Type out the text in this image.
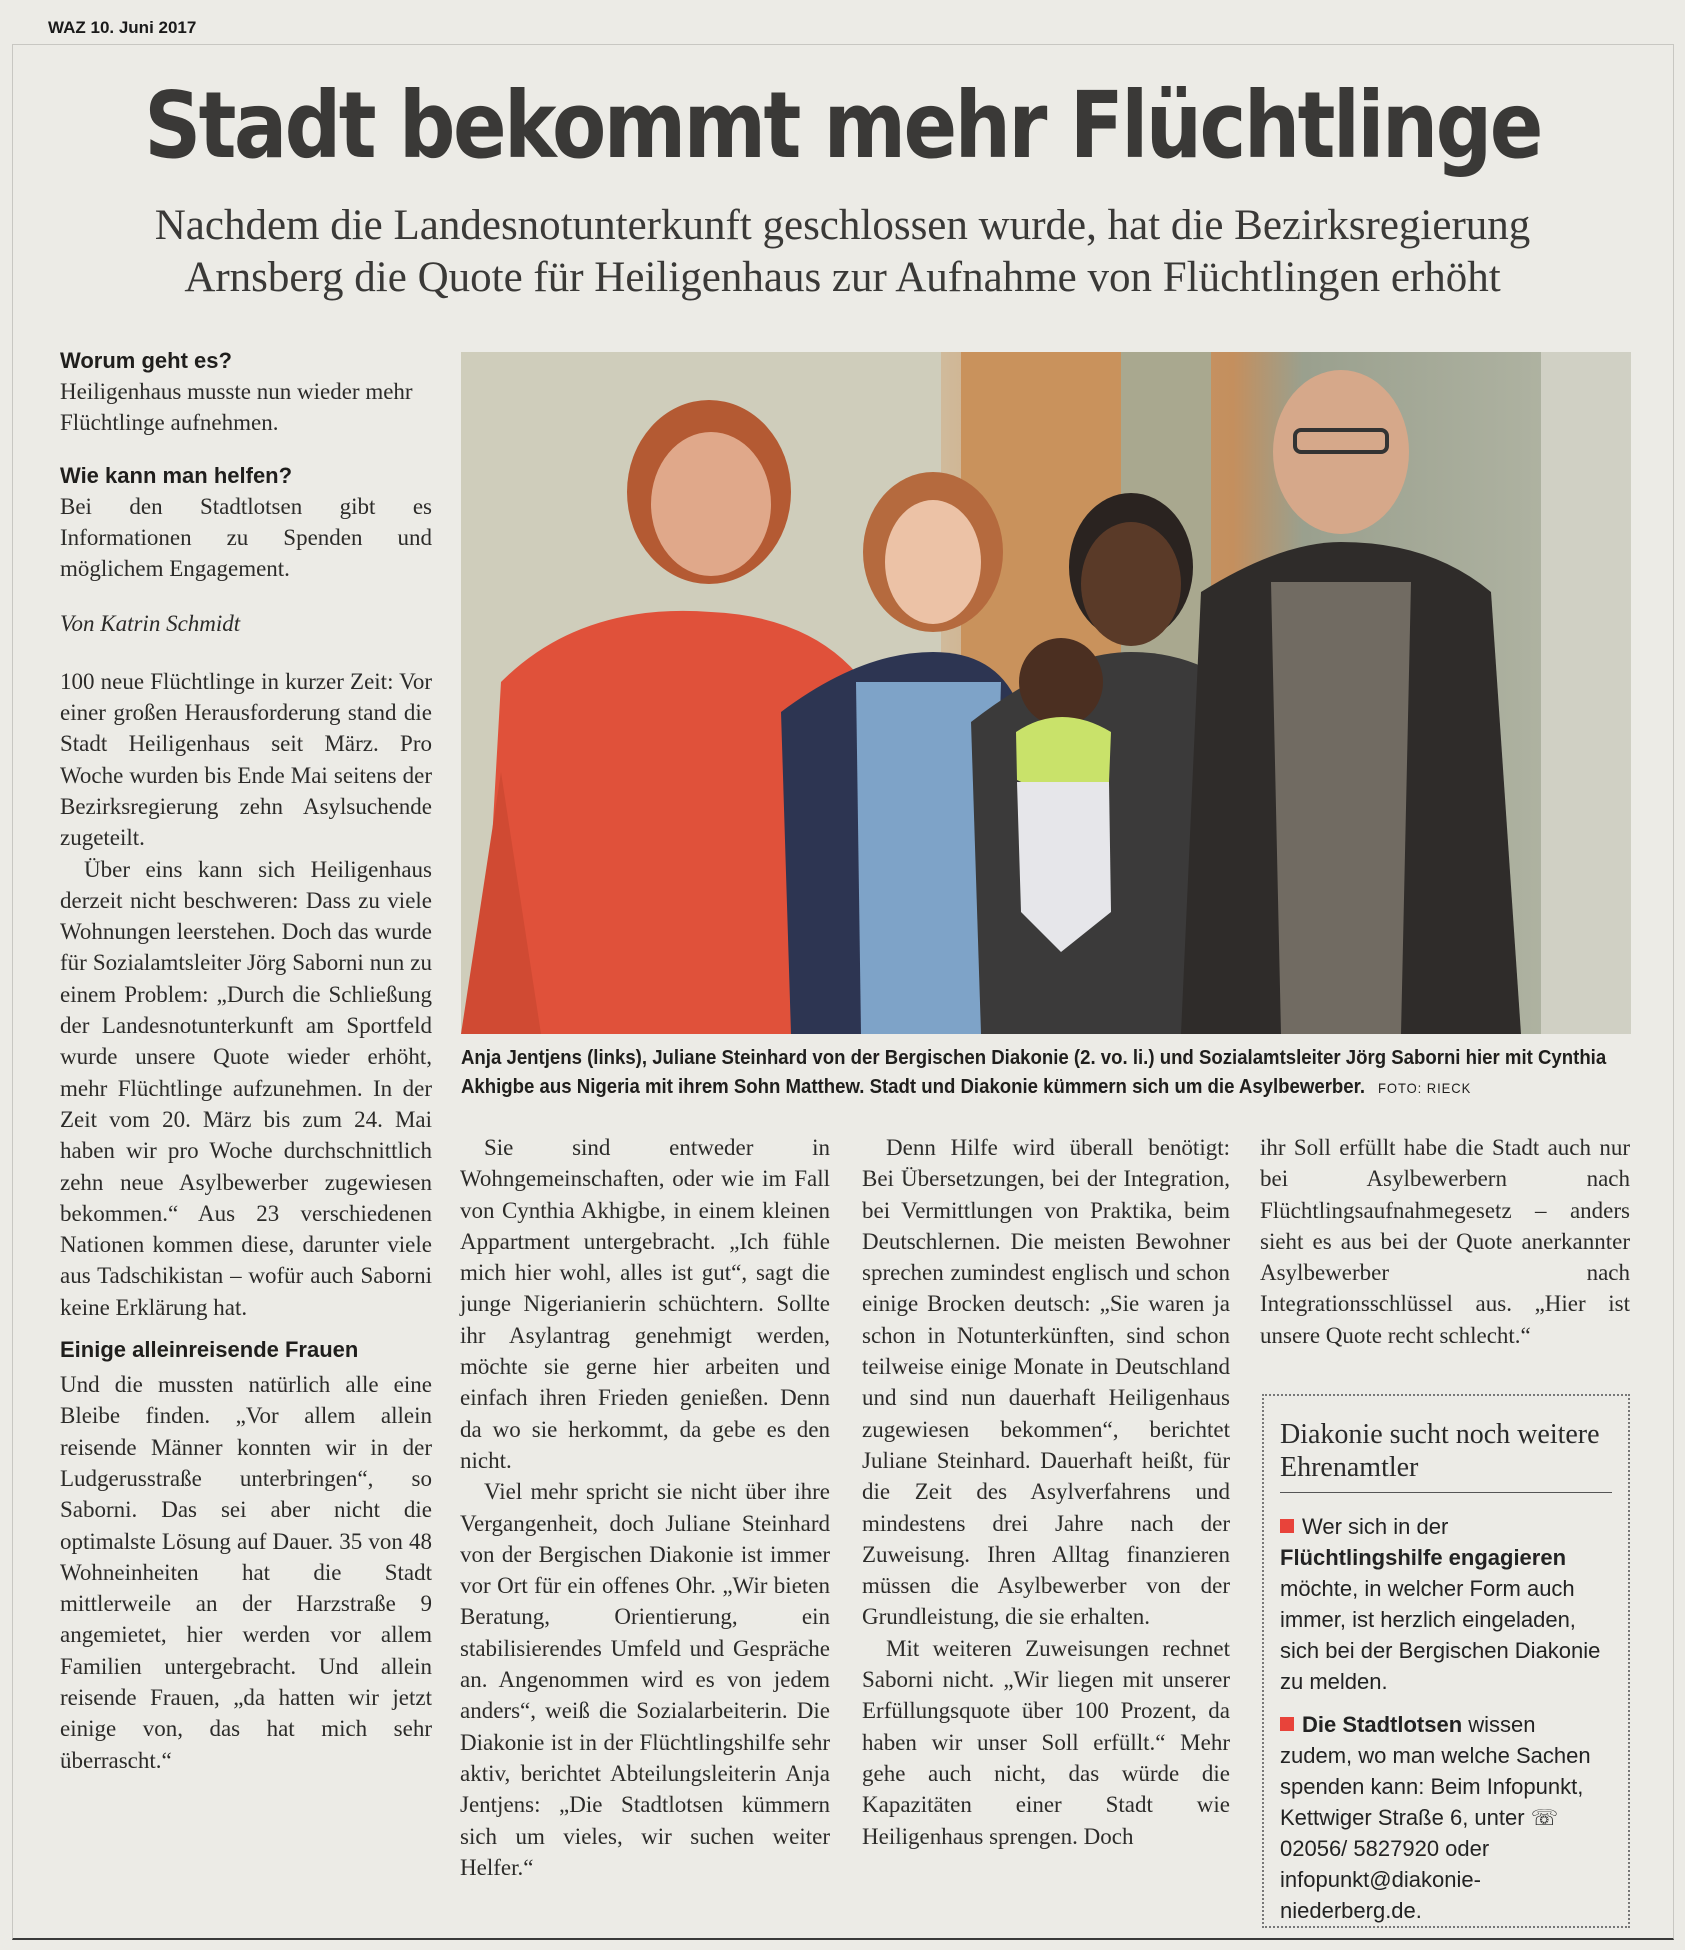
WAZ 10. Juni 2017
Stadt bekommt mehr Flüchtlinge
Nachdem die Landesnotunterkunft geschlossen wurde, hat die Bezirksregierung
Arnsberg die Quote für Heiligenhaus zur Aufnahme von Flüchtlingen erhöht

Worum geht es?

Heiligenhaus musste nun wieder mehr Flüchtlinge aufnehmen.

Wie kann man helfen?

Bei den Stadtlotsen gibt es Informationen zu Spenden und möglichem Engagement.

Von Katrin Schmidt

100 neue Flüchtlinge in kurzer Zeit: Vor einer großen Herausforderung stand die Stadt Heiligenhaus seit März. Pro Woche wurden bis Ende Mai seitens der Bezirksregierung zehn Asylsuchende zugeteilt.

Über eins kann sich Heiligenhaus derzeit nicht beschweren: Dass zu viele Wohnungen leerstehen. Doch das wurde für Sozialamtsleiter Jörg Saborni nun zu einem Problem: „Durch die Schließung der Landesnotunterkunft am Sportfeld wurde unsere Quote wieder erhöht, mehr Flüchtlinge aufzunehmen. In der Zeit vom 20. März bis zum 24. Mai haben wir pro Woche durchschnittlich zehn neue Asylbewerber zugewiesen bekommen.“ Aus 23 verschiedenen Nationen kommen diese, darunter viele aus Tadschikistan – wofür auch Saborni keine Erklärung hat.

Einige alleinreisende Frauen

Und die mussten natürlich alle eine Bleibe finden. „Vor allem allein reisende Männer konnten wir in der Ludgerusstraße unterbringen“, so Saborni. Das sei aber nicht die optimalste Lösung auf Dauer. 35 von 48 Wohneinheiten hat die Stadt mittlerweile an der Harzstraße 9 angemietet, hier werden vor allem Familien untergebracht. Und allein reisende Frauen, „da hatten wir jetzt einige von, das hat mich sehr überrascht.“

Anja Jentjens (links), Juliane Steinhard von der Bergischen Diakonie (2. vo. li.) und Sozialamtsleiter Jörg Saborni hier mit Cynthia Akhigbe aus Nigeria mit ihrem Sohn Matthew. Stadt und Diakonie kümmern sich um die Asylbewerber. FOTO: RIECK

Sie sind entweder in Wohngemeinschaften, oder wie im Fall von Cynthia Akhigbe, in einem kleinen Appartment untergebracht. „Ich fühle mich hier wohl, alles ist gut“, sagt die junge Nigerianierin schüchtern. Sollte ihr Asylantrag genehmigt werden, möchte sie gerne hier arbeiten und einfach ihren Frieden genießen. Denn da wo sie herkommt, da gebe es den nicht.

Viel mehr spricht sie nicht über ihre Vergangenheit, doch Juliane Steinhard von der Bergischen Diakonie ist immer vor Ort für ein offenes Ohr. „Wir bieten Beratung, Orientierung, ein stabilisierendes Umfeld und Gespräche an. Angenommen wird es von jedem anders“, weiß die Sozialarbeiterin. Die Diakonie ist in der Flüchtlingshilfe sehr aktiv, berichtet Abteilungsleiterin Anja Jentjens: „Die Stadtlotsen kümmern sich um vieles, wir suchen weiter Helfer.“

Denn Hilfe wird überall benötigt: Bei Übersetzungen, bei der Integration, bei Vermittlungen von Praktika, beim Deutschlernen. Die meisten Bewohner sprechen zumindest englisch und schon einige Brocken deutsch: „Sie waren ja schon in Notunterkünften, sind schon teilweise einige Monate in Deutschland und sind nun dauerhaft Heiligenhaus zugewiesen bekommen“, berichtet Juliane Steinhard. Dauerhaft heißt, für die Zeit des Asylverfahrens und mindestens drei Jahre nach der Zuweisung. Ihren Alltag finanzieren müssen die Asylbewerber von der Grundleistung, die sie erhalten.

Mit weiteren Zuweisungen rechnet Saborni nicht. „Wir liegen mit unserer Erfüllungsquote über 100 Prozent, da haben wir unser Soll erfüllt.“ Mehr gehe auch nicht, das würde die Kapazitäten einer Stadt wie Heiligenhaus sprengen. Doch

ihr Soll erfüllt habe die Stadt auch nur bei Asylbewerbern nach Flüchtlingsaufnahmegesetz – anders sieht es aus bei der Quote anerkannter Asylbewerber nach Integrationsschlüssel aus. „Hier ist unsere Quote recht schlecht.“

Diakonie sucht noch weitere Ehrenamtler

Wer sich in der Flüchtlingshilfe engagieren möchte, in welcher Form auch immer, ist herzlich eingeladen, sich bei der Bergischen Diakonie zu melden.

Die Stadtlotsen wissen zudem, wo man welche Sachen spenden kann: Beim Infopunkt, Kettwiger Straße 6, unter ☏ 02056/ 5827920 oder infopunkt@diakonie-niederberg.de.
